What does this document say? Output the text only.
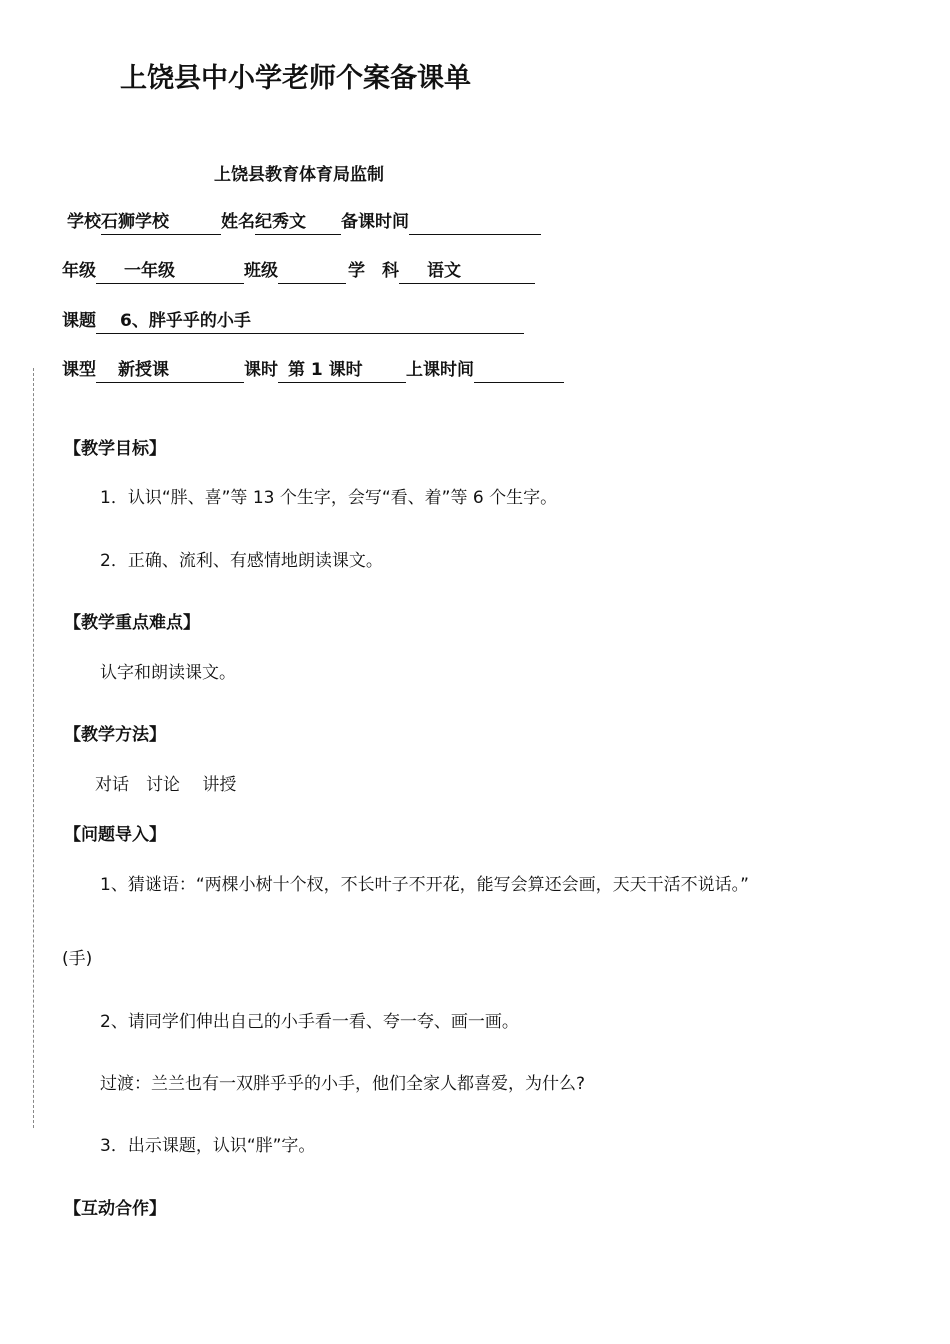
上饶县中小学老师个案备课单
上饶县教育体育局监制
学校石狮学校	姓名纪秀文 备课时间
年级 一年级	班级	学　科 语文
课题 6、胖乎乎的小手
课型 新授课	课时 第 1 课时	上课时间
【教学目标】
1．认识“胖、喜”等 13 个生字，会写“看、着”等 6 个生字。
2．正确、流利、有感情地朗读课文。
【教学重点难点】
认字和朗读课文。
【教学方法】
对话　讨论　 讲授
【问题导入】
1、猜谜语：“两棵小树十个杈，不长叶子不开花，能写会算还会画，天天干活不说话。”
(手)
2、请同学们伸出自己的小手看一看、夸一夸、画一画。
过渡：兰兰也有一双胖乎乎的小手，他们全家人都喜爱，为什么?
3．出示课题，认识“胖”字。
【互动合作】
